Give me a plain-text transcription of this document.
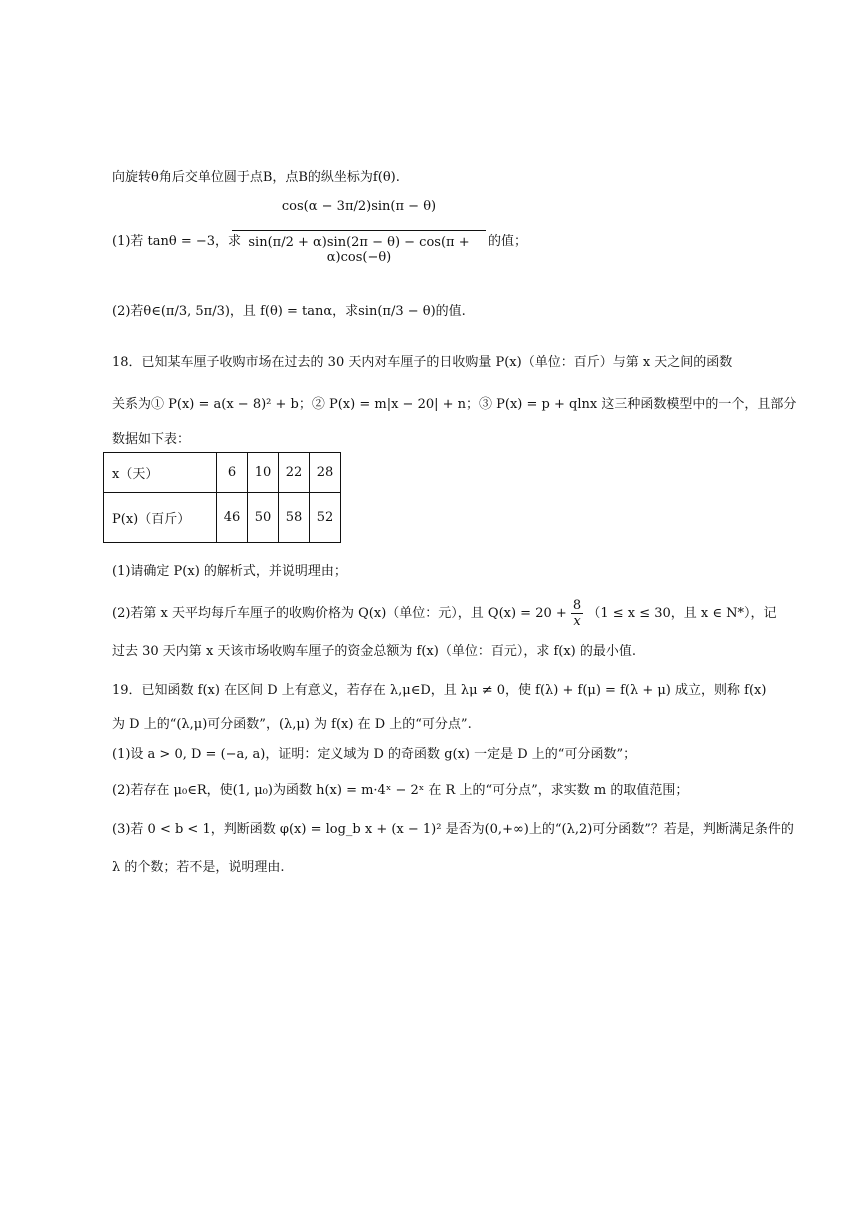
向旋转θ角后交单位圆于点B，点B的纵坐标为f(θ).
(1)若 tanθ = −3，求
cos(α − 3π/2)sin(π − θ)
sin(π/2 + α)sin(2π − θ) − cos(π + α)cos(−θ)
的值；
(2)若θ∈(π/3, 5π/3)，且 f(θ) = tanα，求sin(π/3 − θ)的值.
18．已知某车厘子收购市场在过去的 30 天内对车厘子的日收购量 P(x)（单位：百斤）与第 x 天之间的函数
关系为① P(x) = a(x − 8)² + b；② P(x) = m|x − 20| + n；③ P(x) = p + qlnx 这三种函数模型中的一个，且部分
数据如下表：
x（天）	6	10	22	28
P(x)（百斤）	46	50	58	52
(1)请确定 P(x) 的解析式，并说明理由；
(2)若第 x 天平均每斤车厘子的收购价格为 Q(x)（单位：元），且 $Q(x) = 20 + \frac{8}{x} (1 \le x \le 30$，且 x ∈ N*），记
过去 30 天内第 x 天该市场收购车厘子的资金总额为 f(x)（单位：百元），求 f(x) 的最小值.
19．已知函数 f(x) 在区间 D 上有意义，若存在 λ,μ∈D，且 λμ ≠ 0，使 f(λ) + f(μ) = f(λ + μ) 成立，则称 f(x)
为 D 上的“(λ,μ)可分函数”，(λ,μ) 为 f(x) 在 D 上的“可分点”.
(1)设 a > 0, D = (−a, a)，证明：定义域为 D 的奇函数 g(x) 一定是 D 上的“可分函数”；
(2)若存在 μ₀∈R，使(1, μ₀)为函数 h(x) = m·4ˣ − 2ˣ 在 R 上的“可分点”，求实数 m 的取值范围；
(3)若 0 < b < 1，判断函数 φ(x) = log_b x + (x − 1)² 是否为(0,+∞)上的“(λ,2)可分函数”？若是，判断满足条件的
λ 的个数；若不是，说明理由.
